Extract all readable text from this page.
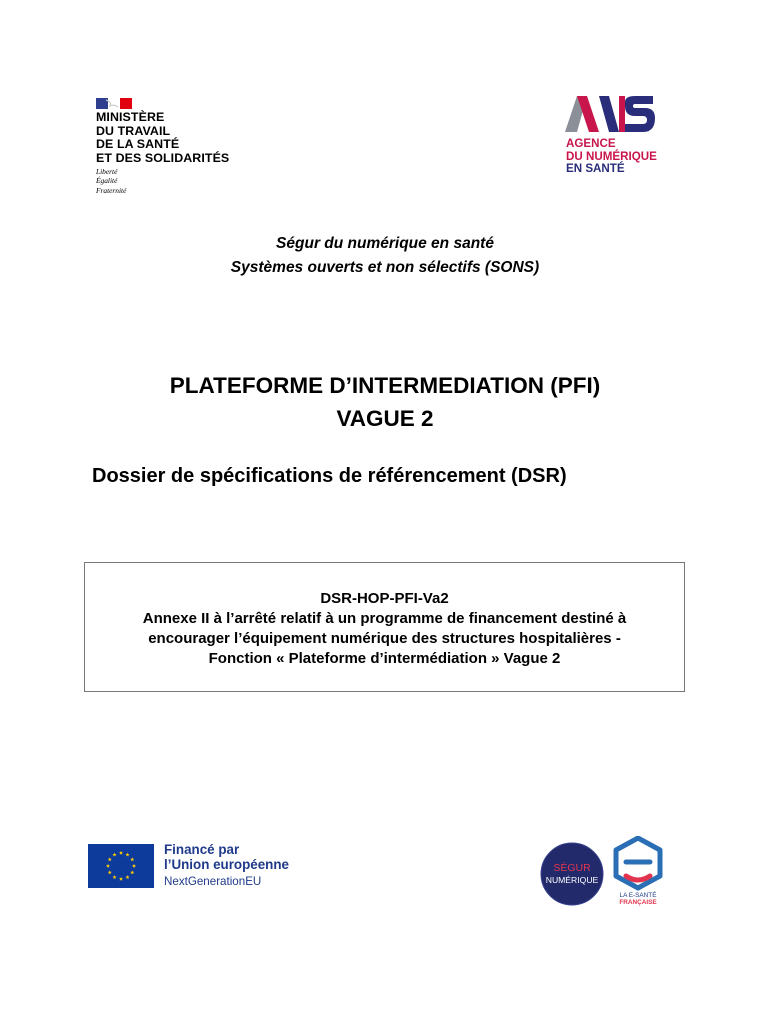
MINISTÈRE
DU TRAVAIL
DE LA SANTÉ
ET DES SOLIDARITÉS
Liberté
Égalité
Fraternité
AGENCE
DU NUMÉRIQUE
EN SANTÉ
Ségur du numérique en santé
Systèmes ouverts et non sélectifs (SONS)
PLATEFORME D’INTERMEDIATION (PFI)
VAGUE 2
Dossier de spécifications de référencement (DSR)
DSR-HOP-PFI-Va2
Annexe II à l’arrêté relatif à un programme de financement destiné à
encourager l’équipement numérique des structures hospitalières -
Fonction « Plateforme d’intermédiation » Vague 2
Financé par
l’Union européenne
NextGenerationEU
SÉGUR
NUMÉRIQUE
LA E-SANTÉ
FRANÇAISE
